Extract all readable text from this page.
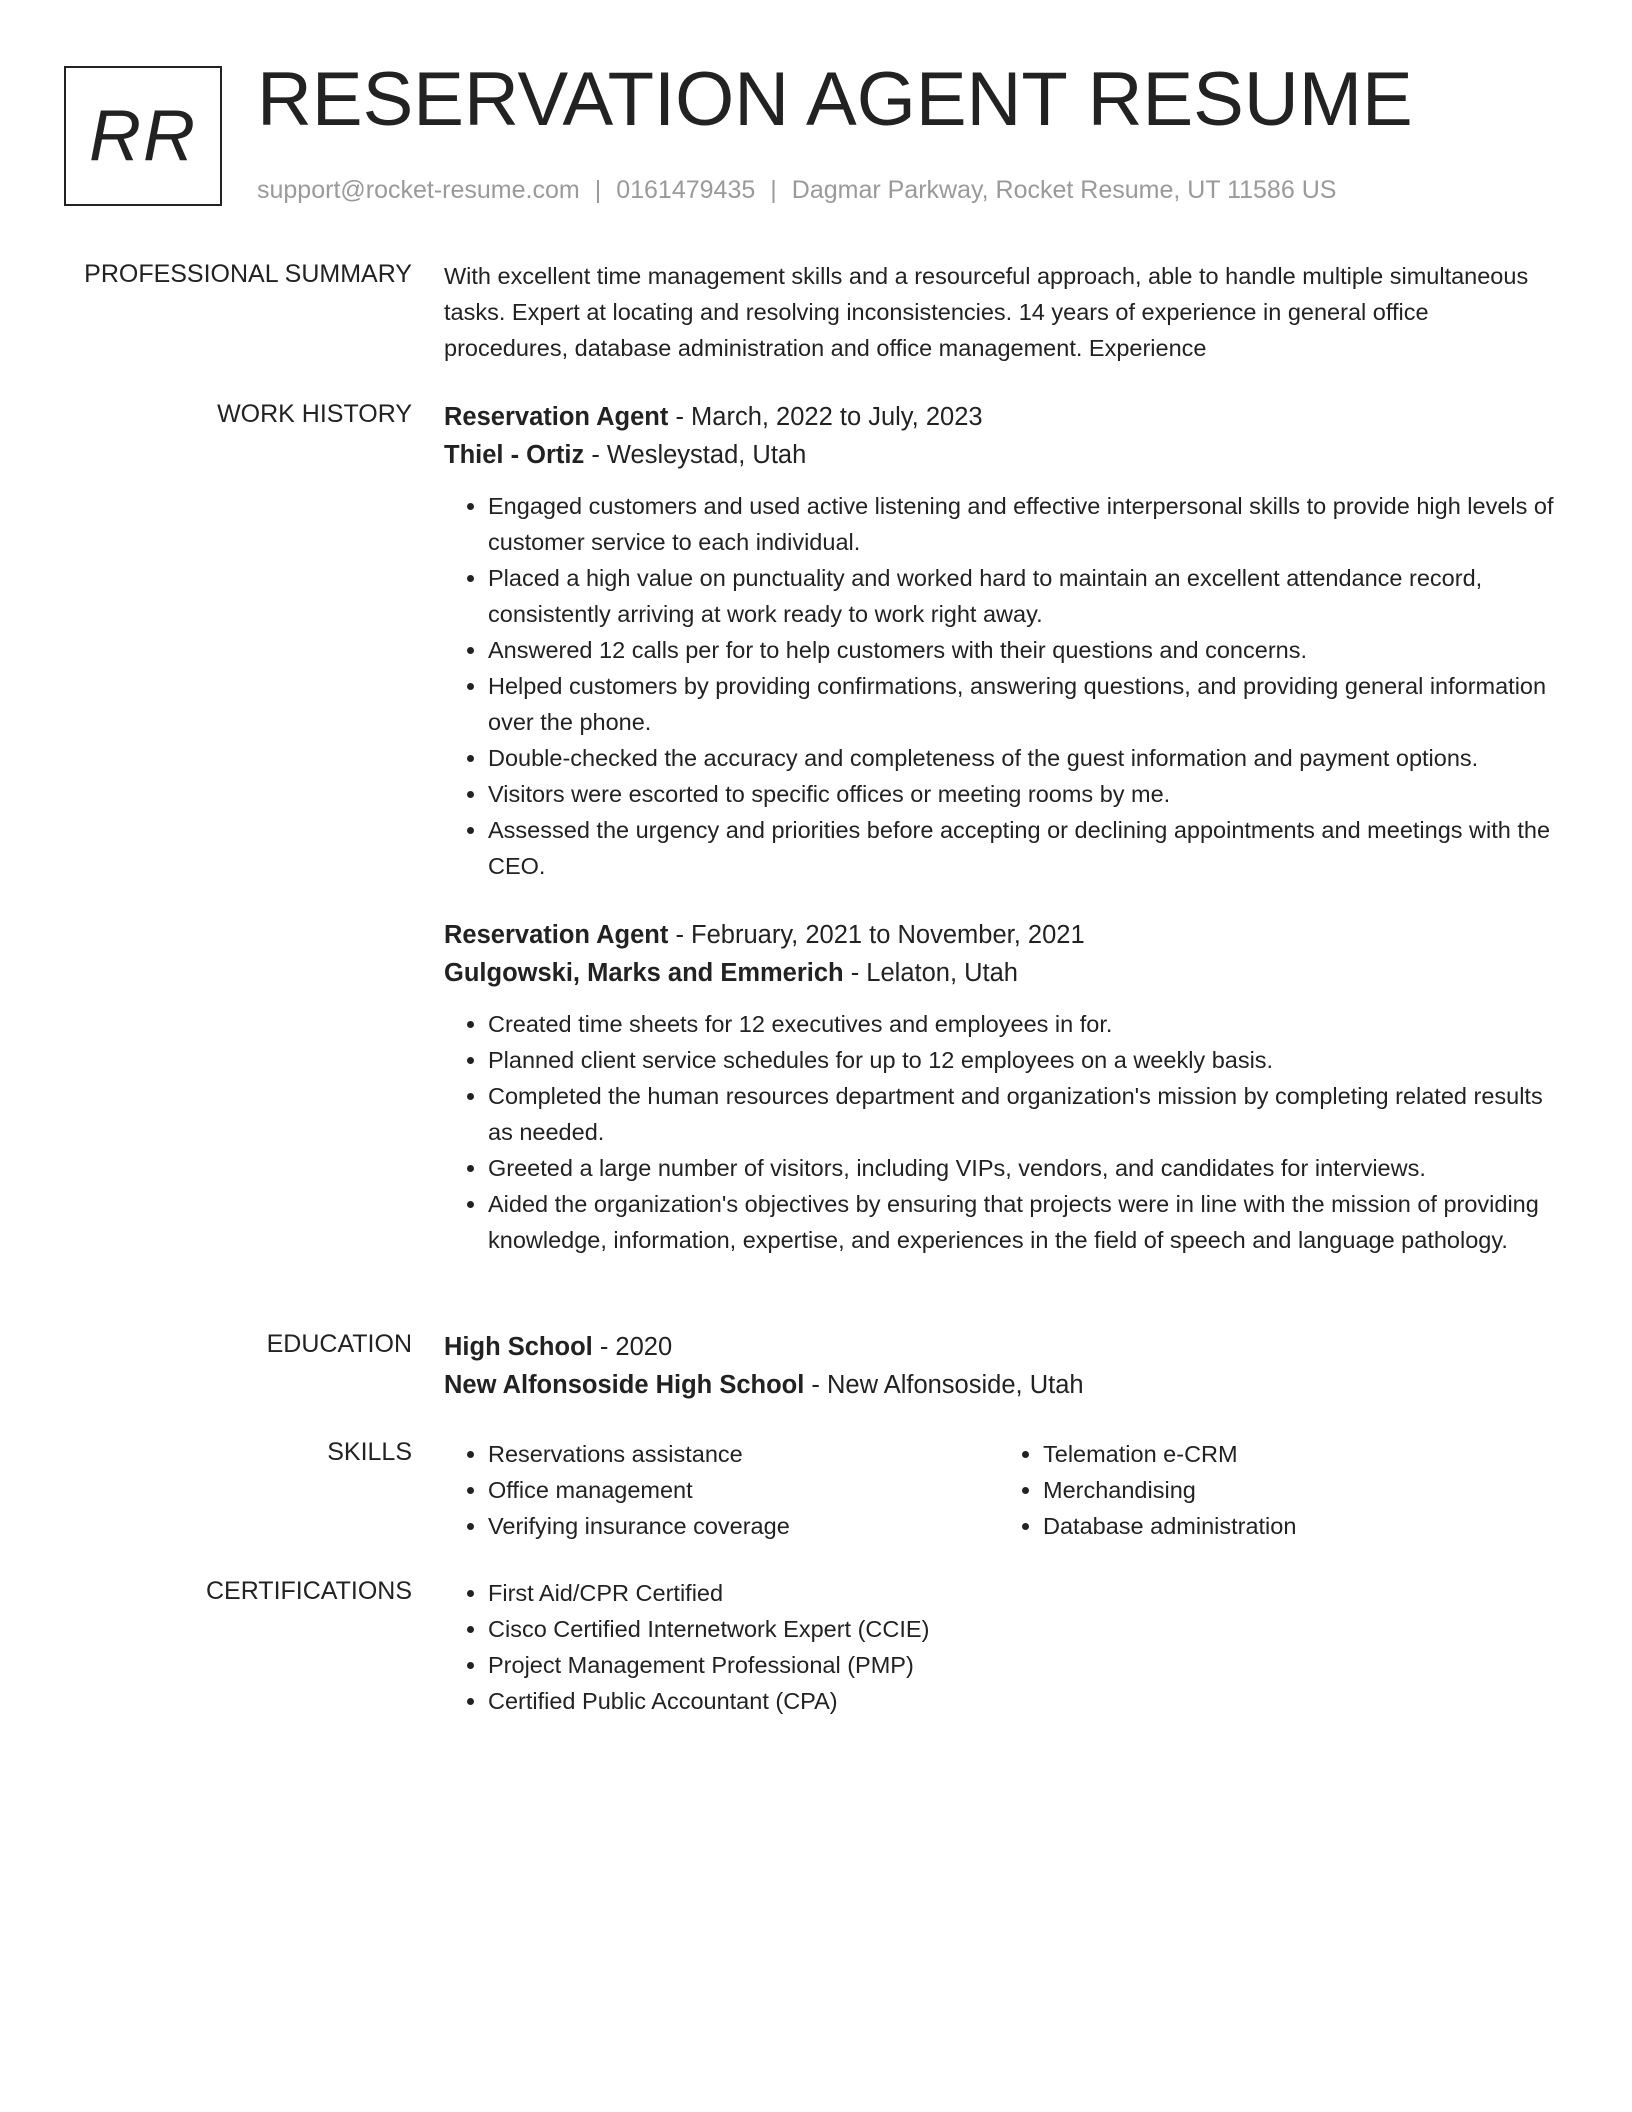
RR RESERVATION AGENT RESUME
support@rocket-resume.com | 0161479435 | Dagmar Parkway, Rocket Resume, UT 11586 US
PROFESSIONAL SUMMARY With excellent time management skills and a resourceful approach, able to handle multiple simultaneous tasks. Expert at locating and resolving inconsistencies. 14 years of experience in general office procedures, database administration and office management. Experience
WORK HISTORY Reservation Agent - March, 2022 to July, 2023
Thiel - Ortiz - Wesleystad, Utah
• Engaged customers and used active listening and effective interpersonal skills to provide high levels of customer service to each individual.
• Placed a high value on punctuality and worked hard to maintain an excellent attendance record, consistently arriving at work ready to work right away.
• Answered 12 calls per for to help customers with their questions and concerns.
• Helped customers by providing confirmations, answering questions, and providing general information over the phone.
• Double-checked the accuracy and completeness of the guest information and payment options.
• Visitors were escorted to specific offices or meeting rooms by me.
• Assessed the urgency and priorities before accepting or declining appointments and meetings with the CEO.
Reservation Agent - February, 2021 to November, 2021
Gulgowski, Marks and Emmerich - Lelaton, Utah
• Created time sheets for 12 executives and employees in for.
• Planned client service schedules for up to 12 employees on a weekly basis.
• Completed the human resources department and organization's mission by completing related results as needed.
• Greeted a large number of visitors, including VIPs, vendors, and candidates for interviews.
• Aided the organization's objectives by ensuring that projects were in line with the mission of providing knowledge, information, expertise, and experiences in the field of speech and language pathology.
EDUCATION High School - 2020
New Alfonsoside High School - New Alfonsoside, Utah
SKILLS	• Reservations assistance
• Office management
• Verifying insurance coverage
• Telemation e-CRM
• Merchandising
• Database administration
CERTIFICATIONS	• First Aid/CPR Certified
• Cisco Certified Internetwork Expert (CCIE)
• Project Management Professional (PMP)
• Certified Public Accountant (CPA)
